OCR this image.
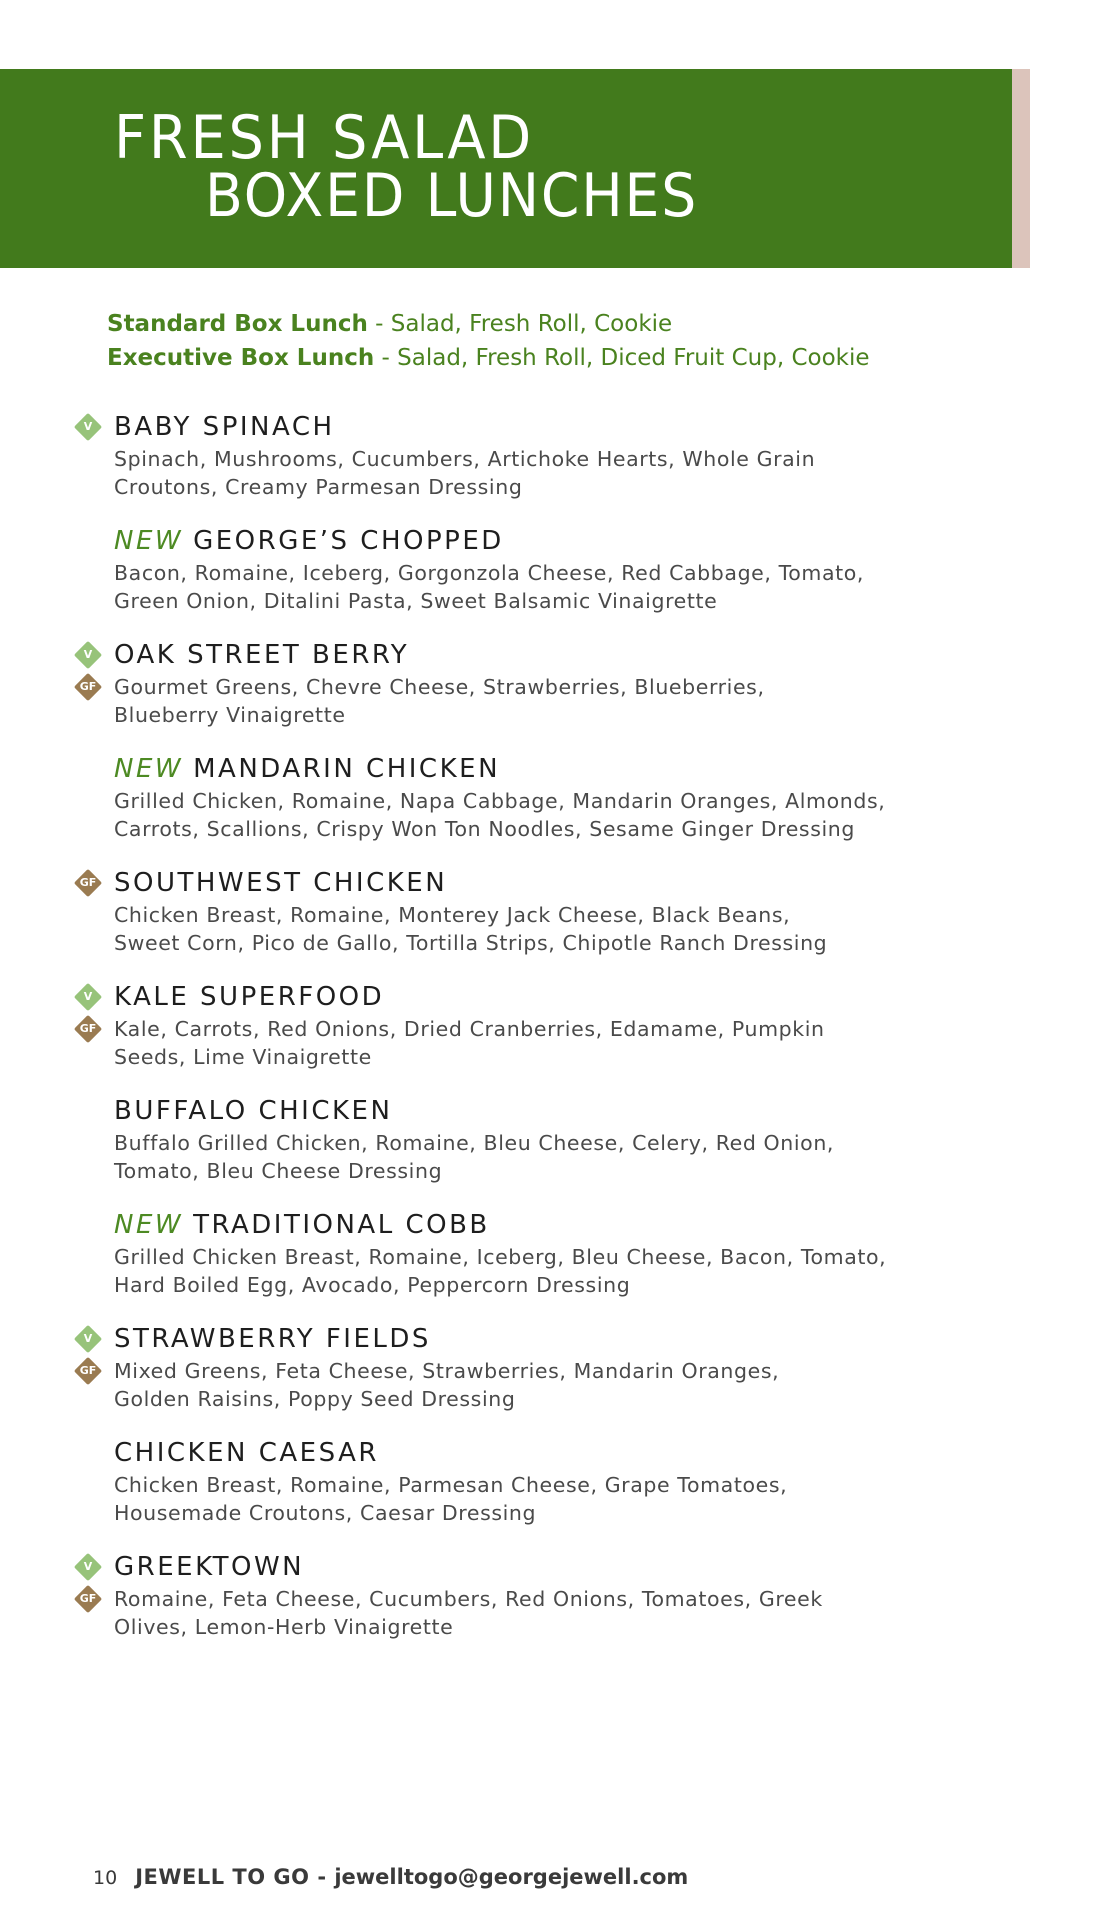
FRESH SALAD
BOXED LUNCHES
Standard Box Lunch - Salad, Fresh Roll, Cookie
Executive Box Lunch - Salad, Fresh Roll, Diced Fruit Cup, Cookie
V BABY SPINACH
Spinach, Mushrooms, Cucumbers, Artichoke Hearts, Whole Grain
Croutons, Creamy Parmesan Dressing
NEW GEORGE’S CHOPPED
Bacon, Romaine, Iceberg, Gorgonzola Cheese, Red Cabbage, Tomato,
Green Onion, Ditalini Pasta, Sweet Balsamic Vinaigrette
V
GF
OAK STREET BERRY
Gourmet Greens, Chevre Cheese, Strawberries, Blueberries,
Blueberry Vinaigrette
NEW MANDARIN CHICKEN
Grilled Chicken, Romaine, Napa Cabbage, Mandarin Oranges, Almonds,
Carrots, Scallions, Crispy Won Ton Noodles, Sesame Ginger Dressing
GF SOUTHWEST CHICKEN
Chicken Breast, Romaine, Monterey Jack Cheese, Black Beans,
Sweet Corn, Pico de Gallo, Tortilla Strips, Chipotle Ranch Dressing
V
GF
KALE SUPERFOOD
Kale, Carrots, Red Onions, Dried Cranberries, Edamame, Pumpkin
Seeds, Lime Vinaigrette
BUFFALO CHICKEN
Buffalo Grilled Chicken, Romaine, Bleu Cheese, Celery, Red Onion,
Tomato, Bleu Cheese Dressing
NEW TRADITIONAL COBB
Grilled Chicken Breast, Romaine, Iceberg, Bleu Cheese, Bacon, Tomato,
Hard Boiled Egg, Avocado, Peppercorn Dressing
V
GF
STRAWBERRY FIELDS
Mixed Greens, Feta Cheese, Strawberries, Mandarin Oranges,
Golden Raisins, Poppy Seed Dressing
CHICKEN CAESAR
Chicken Breast, Romaine, Parmesan Cheese, Grape Tomatoes,
Housemade Croutons, Caesar Dressing
V
GF
GREEKTOWN
Romaine, Feta Cheese, Cucumbers, Red Onions, Tomatoes, Greek
Olives, Lemon-Herb Vinaigrette
10 JEWELL TO GO - jewelltogo@georgejewell.com
